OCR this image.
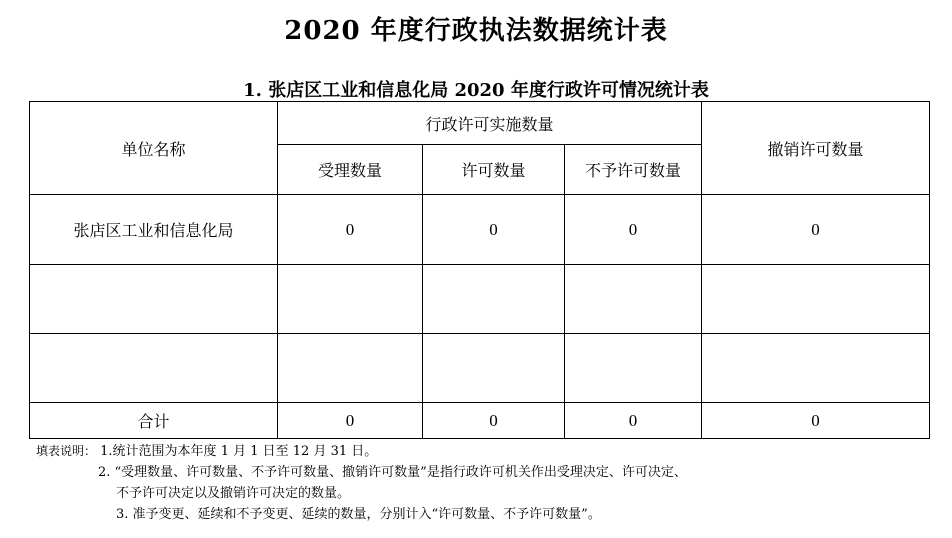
2020 年度行政执法数据统计表
1. 张店区工业和信息化局 2020 年度行政许可情况统计表
单位名称	行政许可实施数量			撤销许可数量
	受理数量	许可数量	不予许可数量	
张店区工业和信息化局	0	0	0	0

合计	0	0	0	0
填表说明： 1.统计范围为本年度 1 月 1 日至 12 月 31 日。
2. “受理数量、许可数量、不予许可数量、撤销许可数量”是指行政许可机关作出受理决定、许可决定、
不予许可决定以及撤销许可决定的数量。
3. 准予变更、延续和不予变更、延续的数量，分别计入“许可数量、不予许可数量”。
